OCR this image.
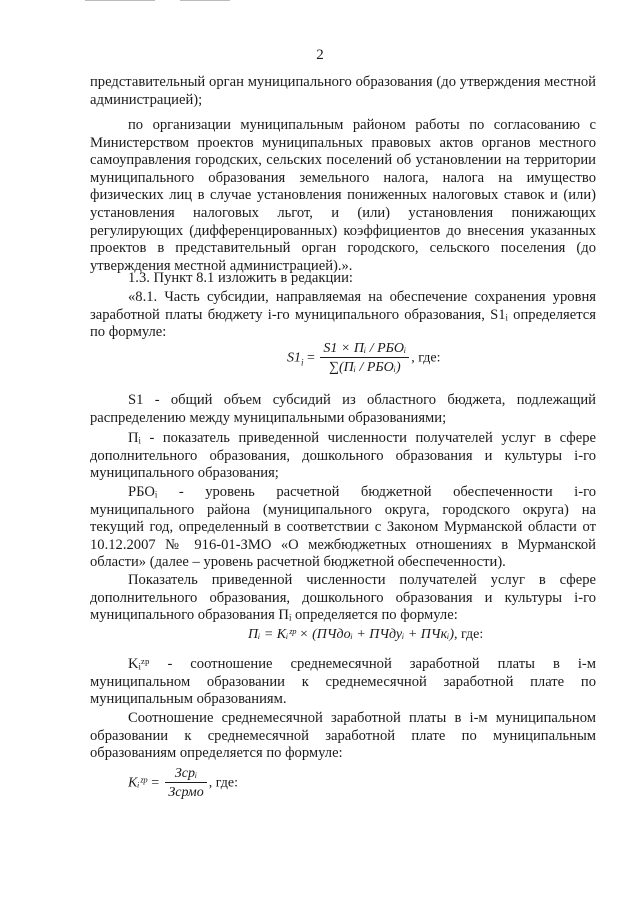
2

представительный орган муниципального образования (до утверждения местной администрацией);

по организации муниципальным районом работы по согласованию с Министерством проектов муниципальных правовых актов органов местного самоуправления городских, сельских поселений об установлении на территории муниципального образования земельного налога, налога на имущество физических лиц в случае установления пониженных налоговых ставок и (или) установления налоговых льгот, и (или) установления понижающих регулирующих (дифференцированных) коэффициентов до внесения указанных проектов в представительный орган городского, сельского поселения (до утверждения местной администрацией).».

1.3. Пункт 8.1 изложить в редакции:

«8.1. Часть субсидии, направляемая на обеспечение сохранения уровня заработной платы бюджету i-го муниципального образования, S1ᵢ определяется по формуле:

$S1_i = \frac{\text{S1 × Пᵢ / РБОᵢ}}{\text{∑(Пᵢ / РБОᵢ)}}$ , где:

S1 - общий объем субсидий из областного бюджета, подлежащий распределению между муниципальными образованиями;

Пᵢ - показатель приведенной численности получателей услуг в сфере дополнительного образования, дошкольного образования и культуры i-го муниципального образования;

РБОᵢ - уровень расчетной бюджетной обеспеченности i-го муниципального района (муниципального округа, городского округа) на текущий год, определенный в соответствии с Законом Мурманской области от 10.12.2007 № 916-01-ЗМО «О межбюджетных отношениях в Мурманской области» (далее – уровень расчетной бюджетной обеспеченности).

Показатель приведенной численности получателей услуг в сфере дополнительного образования, дошкольного образования и культуры i-го муниципального образования Пᵢ определяется по формуле:

Пᵢ = Kᵢᶻᵖ × (ПЧдоᵢ + ПЧдуᵢ + ПЧкᵢ), где:

Kᵢᶻᵖ - соотношение среднемесячной заработной платы в i-м муниципальном образовании к среднемесячной заработной плате по муниципальным образованиям.

Соотношение среднемесячной заработной платы в i-м муниципальном образовании к среднемесячной заработной плате по муниципальным образованиям определяется по формуле:

Kᵢᶻᵖ = $\frac{\text{Зсрᵢ}}{\text{Зсрмо}}$ , где:
